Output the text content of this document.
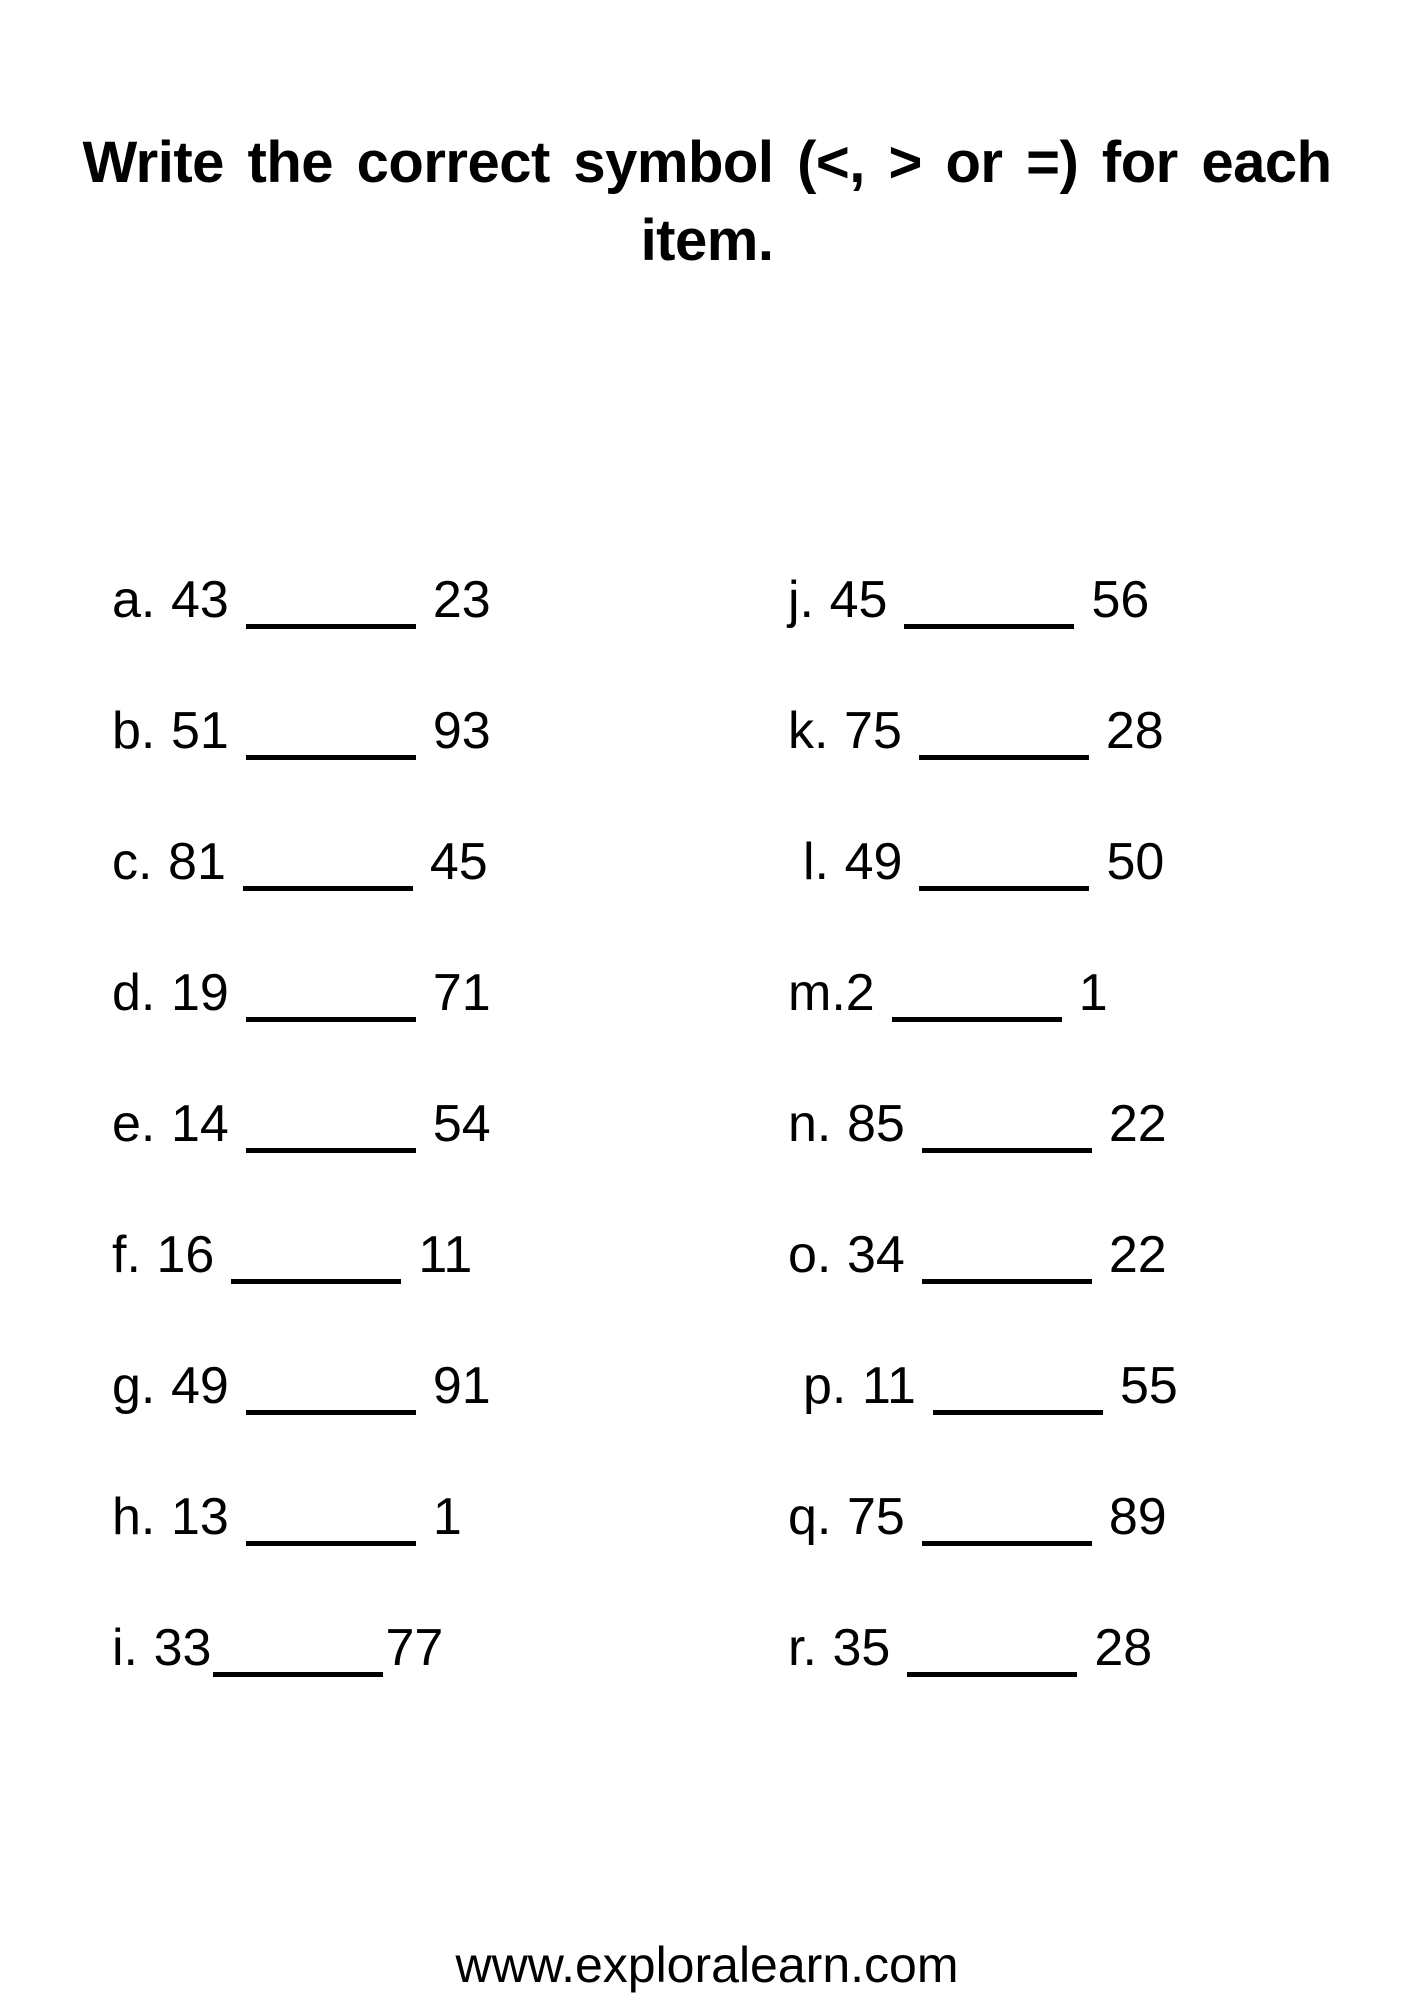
Write the correct symbol (<, > or =) for each
item.
a. 43	23
b. 51	93
c. 81	45
d. 19	71
e. 14	54
f. 16	11
g. 49	91
h. 13	1
i. 33	77
j. 45	56
k. 75	28
l. 49	50
m.2	1
n. 85	22
o. 34	22
p. 11	55
q. 75	89
r. 35	28
www.exploralearn.com
